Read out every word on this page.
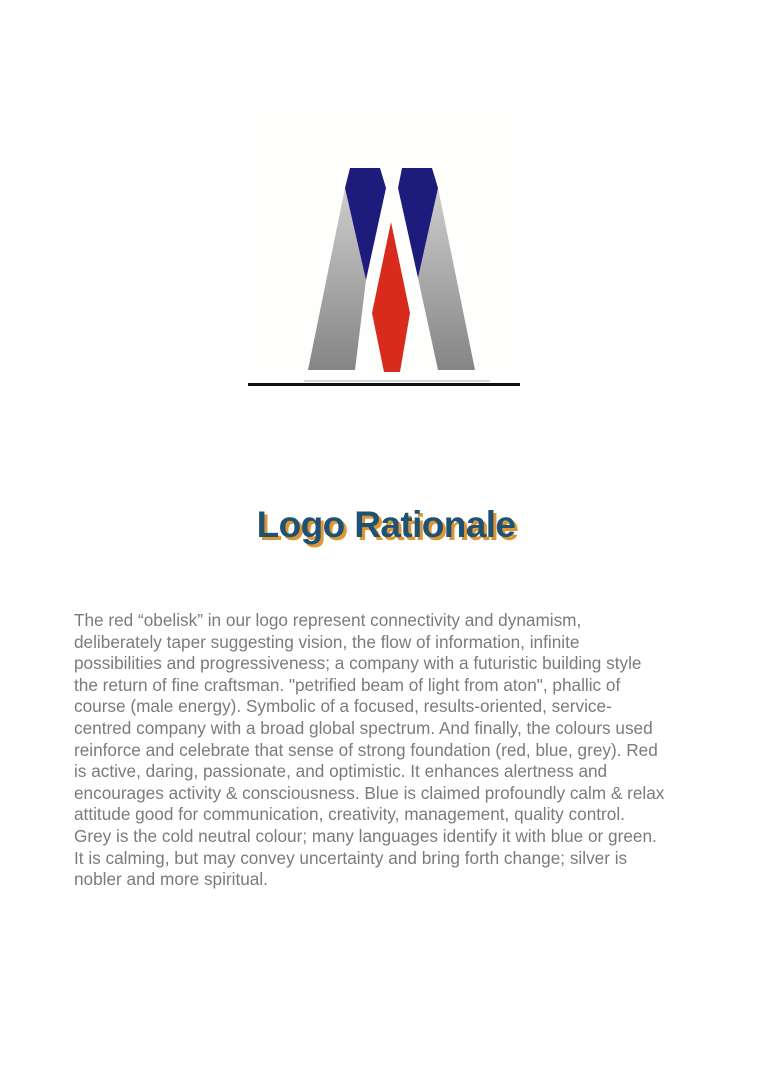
Logo Rationale
The red “obelisk” in our logo represent connectivity and dynamism,
deliberately taper suggesting vision, the flow of information, infinite
possibilities and progressiveness; a company with a futuristic building style
the return of fine craftsman. "petrified beam of light from aton", phallic of
course (male energy). Symbolic of a focused, results-oriented, service-
centred company with a broad global spectrum. And finally, the colours used
reinforce and celebrate that sense of strong foundation (red, blue, grey). Red
is active, daring, passionate, and optimistic. It enhances alertness and
encourages activity & consciousness. Blue is claimed profoundly calm & relax
attitude good for communication, creativity, management, quality control.
Grey is the cold neutral colour; many languages identify it with blue or green.
It is calming, but may convey uncertainty and bring forth change; silver is
nobler and more spiritual.
